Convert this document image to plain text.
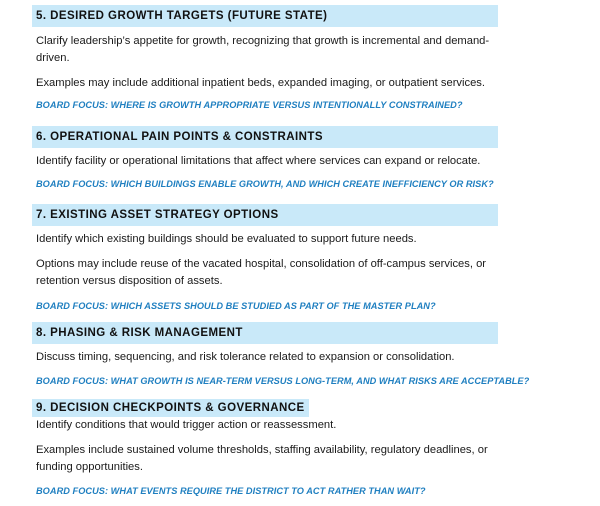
5. DESIRED GROWTH TARGETS (FUTURE STATE)

Clarify leadership’s appetite for growth, recognizing that growth is incremental and demand-
driven.

Examples may include additional inpatient beds, expanded imaging, or outpatient services.

BOARD FOCUS: WHERE IS GROWTH APPROPRIATE VERSUS INTENTIONALLY CONSTRAINED?
6. OPERATIONAL PAIN POINTS & CONSTRAINTS

Identify facility or operational limitations that affect where services can expand or relocate.

BOARD FOCUS: WHICH BUILDINGS ENABLE GROWTH, AND WHICH CREATE INEFFICIENCY OR RISK?
7. EXISTING ASSET STRATEGY OPTIONS

Identify which existing buildings should be evaluated to support future needs.

Options may include reuse of the vacated hospital, consolidation of off-campus services, or
retention versus disposition of assets.

BOARD FOCUS: WHICH ASSETS SHOULD BE STUDIED AS PART OF THE MASTER PLAN?
8. PHASING & RISK MANAGEMENT

Discuss timing, sequencing, and risk tolerance related to expansion or consolidation.

BOARD FOCUS: WHAT GROWTH IS NEAR-TERM VERSUS LONG-TERM, AND WHAT RISKS ARE ACCEPTABLE?
9. DECISION CHECKPOINTS & GOVERNANCE

Identify conditions that would trigger action or reassessment.

Examples include sustained volume thresholds, staffing availability, regulatory deadlines, or
funding opportunities.

BOARD FOCUS: WHAT EVENTS REQUIRE THE DISTRICT TO ACT RATHER THAN WAIT?
